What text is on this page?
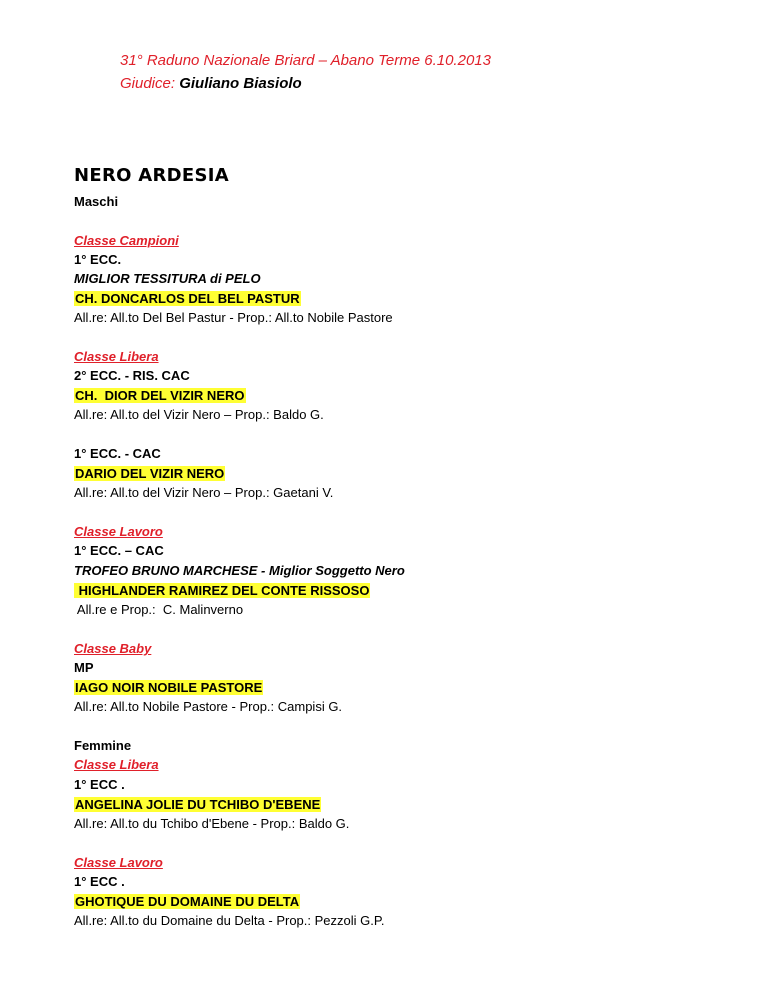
31° Raduno Nazionale Briard – Abano Terme 6.10.2013
Giudice: Giuliano Biasiolo
NERO ARDESIA
Maschi
Classe Campioni
1° ECC.
MIGLIOR TESSITURA di PELO
CH. DONCARLOS DEL BEL PASTUR
All.re: All.to Del Bel Pastur - Prop.: All.to Nobile Pastore
Classe Libera
2° ECC. - RIS. CAC
CH.  DIOR DEL VIZIR NERO
All.re: All.to del Vizir Nero – Prop.: Baldo G.
1° ECC. - CAC
DARIO DEL VIZIR NERO
All.re: All.to del Vizir Nero – Prop.: Gaetani V.
Classe Lavoro
1° ECC. – CAC
TROFEO BRUNO MARCHESE - Miglior Soggetto Nero
HIGHLANDER RAMIREZ DEL CONTE RISSOSO
All.re e Prop.:  C. Malinverno
Classe Baby
MP
IAGO NOIR NOBILE PASTORE
All.re: All.to Nobile Pastore - Prop.: Campisi G.
Femmine
Classe Libera
1° ECC .
ANGELINA JOLIE DU TCHIBO D'EBENE
All.re: All.to du Tchibo d'Ebene - Prop.: Baldo G.
Classe Lavoro
1° ECC .
GHOTIQUE DU DOMAINE DU DELTA
All.re: All.to du Domaine du Delta - Prop.: Pezzoli G.P.
